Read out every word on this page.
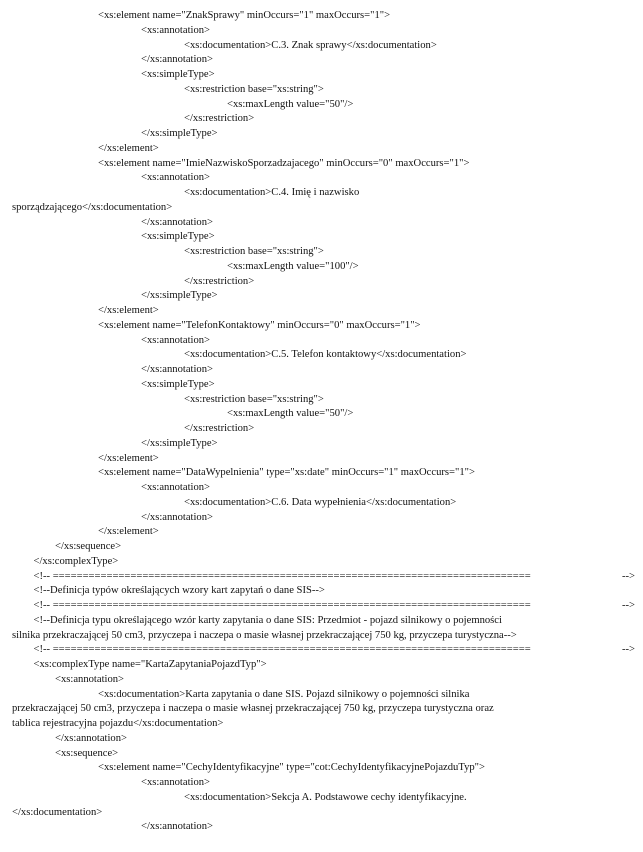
<xs:element name="ZnakSprawy" minOccurs="1" maxOccurs="1">
<xs:annotation>
<xs:documentation>C.3. Znak sprawy</xs:documentation>
</xs:annotation>
<xs:simpleType>
<xs:restriction base="xs:string">
<xs:maxLength value="50"/>
</xs:restriction>
</xs:simpleType>
</xs:element>
<xs:element name="ImieNazwiskoSporzadzajacego" minOccurs="0" maxOccurs="1">
<xs:annotation>
<xs:documentation>C.4. Imię i nazwisko
sporządzającego</xs:documentation>
</xs:annotation>
<xs:simpleType>
<xs:restriction base="xs:string">
<xs:maxLength value="100"/>
</xs:restriction>
</xs:simpleType>
</xs:element>
<xs:element name="TelefonKontaktowy" minOccurs="0" maxOccurs="1">
<xs:annotation>
<xs:documentation>C.5. Telefon kontaktowy</xs:documentation>
</xs:annotation>
<xs:simpleType>
<xs:restriction base="xs:string">
<xs:maxLength value="50"/>
</xs:restriction>
</xs:simpleType>
</xs:element>
<xs:element name="DataWypelnienia" type="xs:date" minOccurs="1" maxOccurs="1">
<xs:annotation>
<xs:documentation>C.6. Data wypełnienia</xs:documentation>
</xs:annotation>
</xs:element>
</xs:sequence>
</xs:complexType>
-->
<!-- ================================================================================
<!--Definicja typów określających wzory kart zapytań o dane SIS-->
-->
<!-- ================================================================================
<!--Definicja typu określającego wzór karty zapytania o dane SIS: Przedmiot - pojazd silnikowy o pojemności
silnika przekraczającej 50 cm3, przyczepa i naczepa o masie własnej przekraczającej 750 kg, przyczepa turystyczna-->
-->
<!-- ================================================================================
<xs:complexType name="KartaZapytaniaPojazdTyp">
<xs:annotation>
<xs:documentation>Karta zapytania o dane SIS. Pojazd silnikowy o pojemności silnika
przekraczającej 50 cm3, przyczepa i naczepa o masie własnej przekraczającej 750 kg, przyczepa turystyczna oraz
tablica rejestracyjna pojazdu</xs:documentation>
</xs:annotation>
<xs:sequence>
<xs:element name="CechyIdentyfikacyjne" type="cot:CechyIdentyfikacyjnePojazduTyp">
<xs:annotation>
<xs:documentation>Sekcja A. Podstawowe cechy identyfikacyjne.
</xs:documentation>
</xs:annotation>
